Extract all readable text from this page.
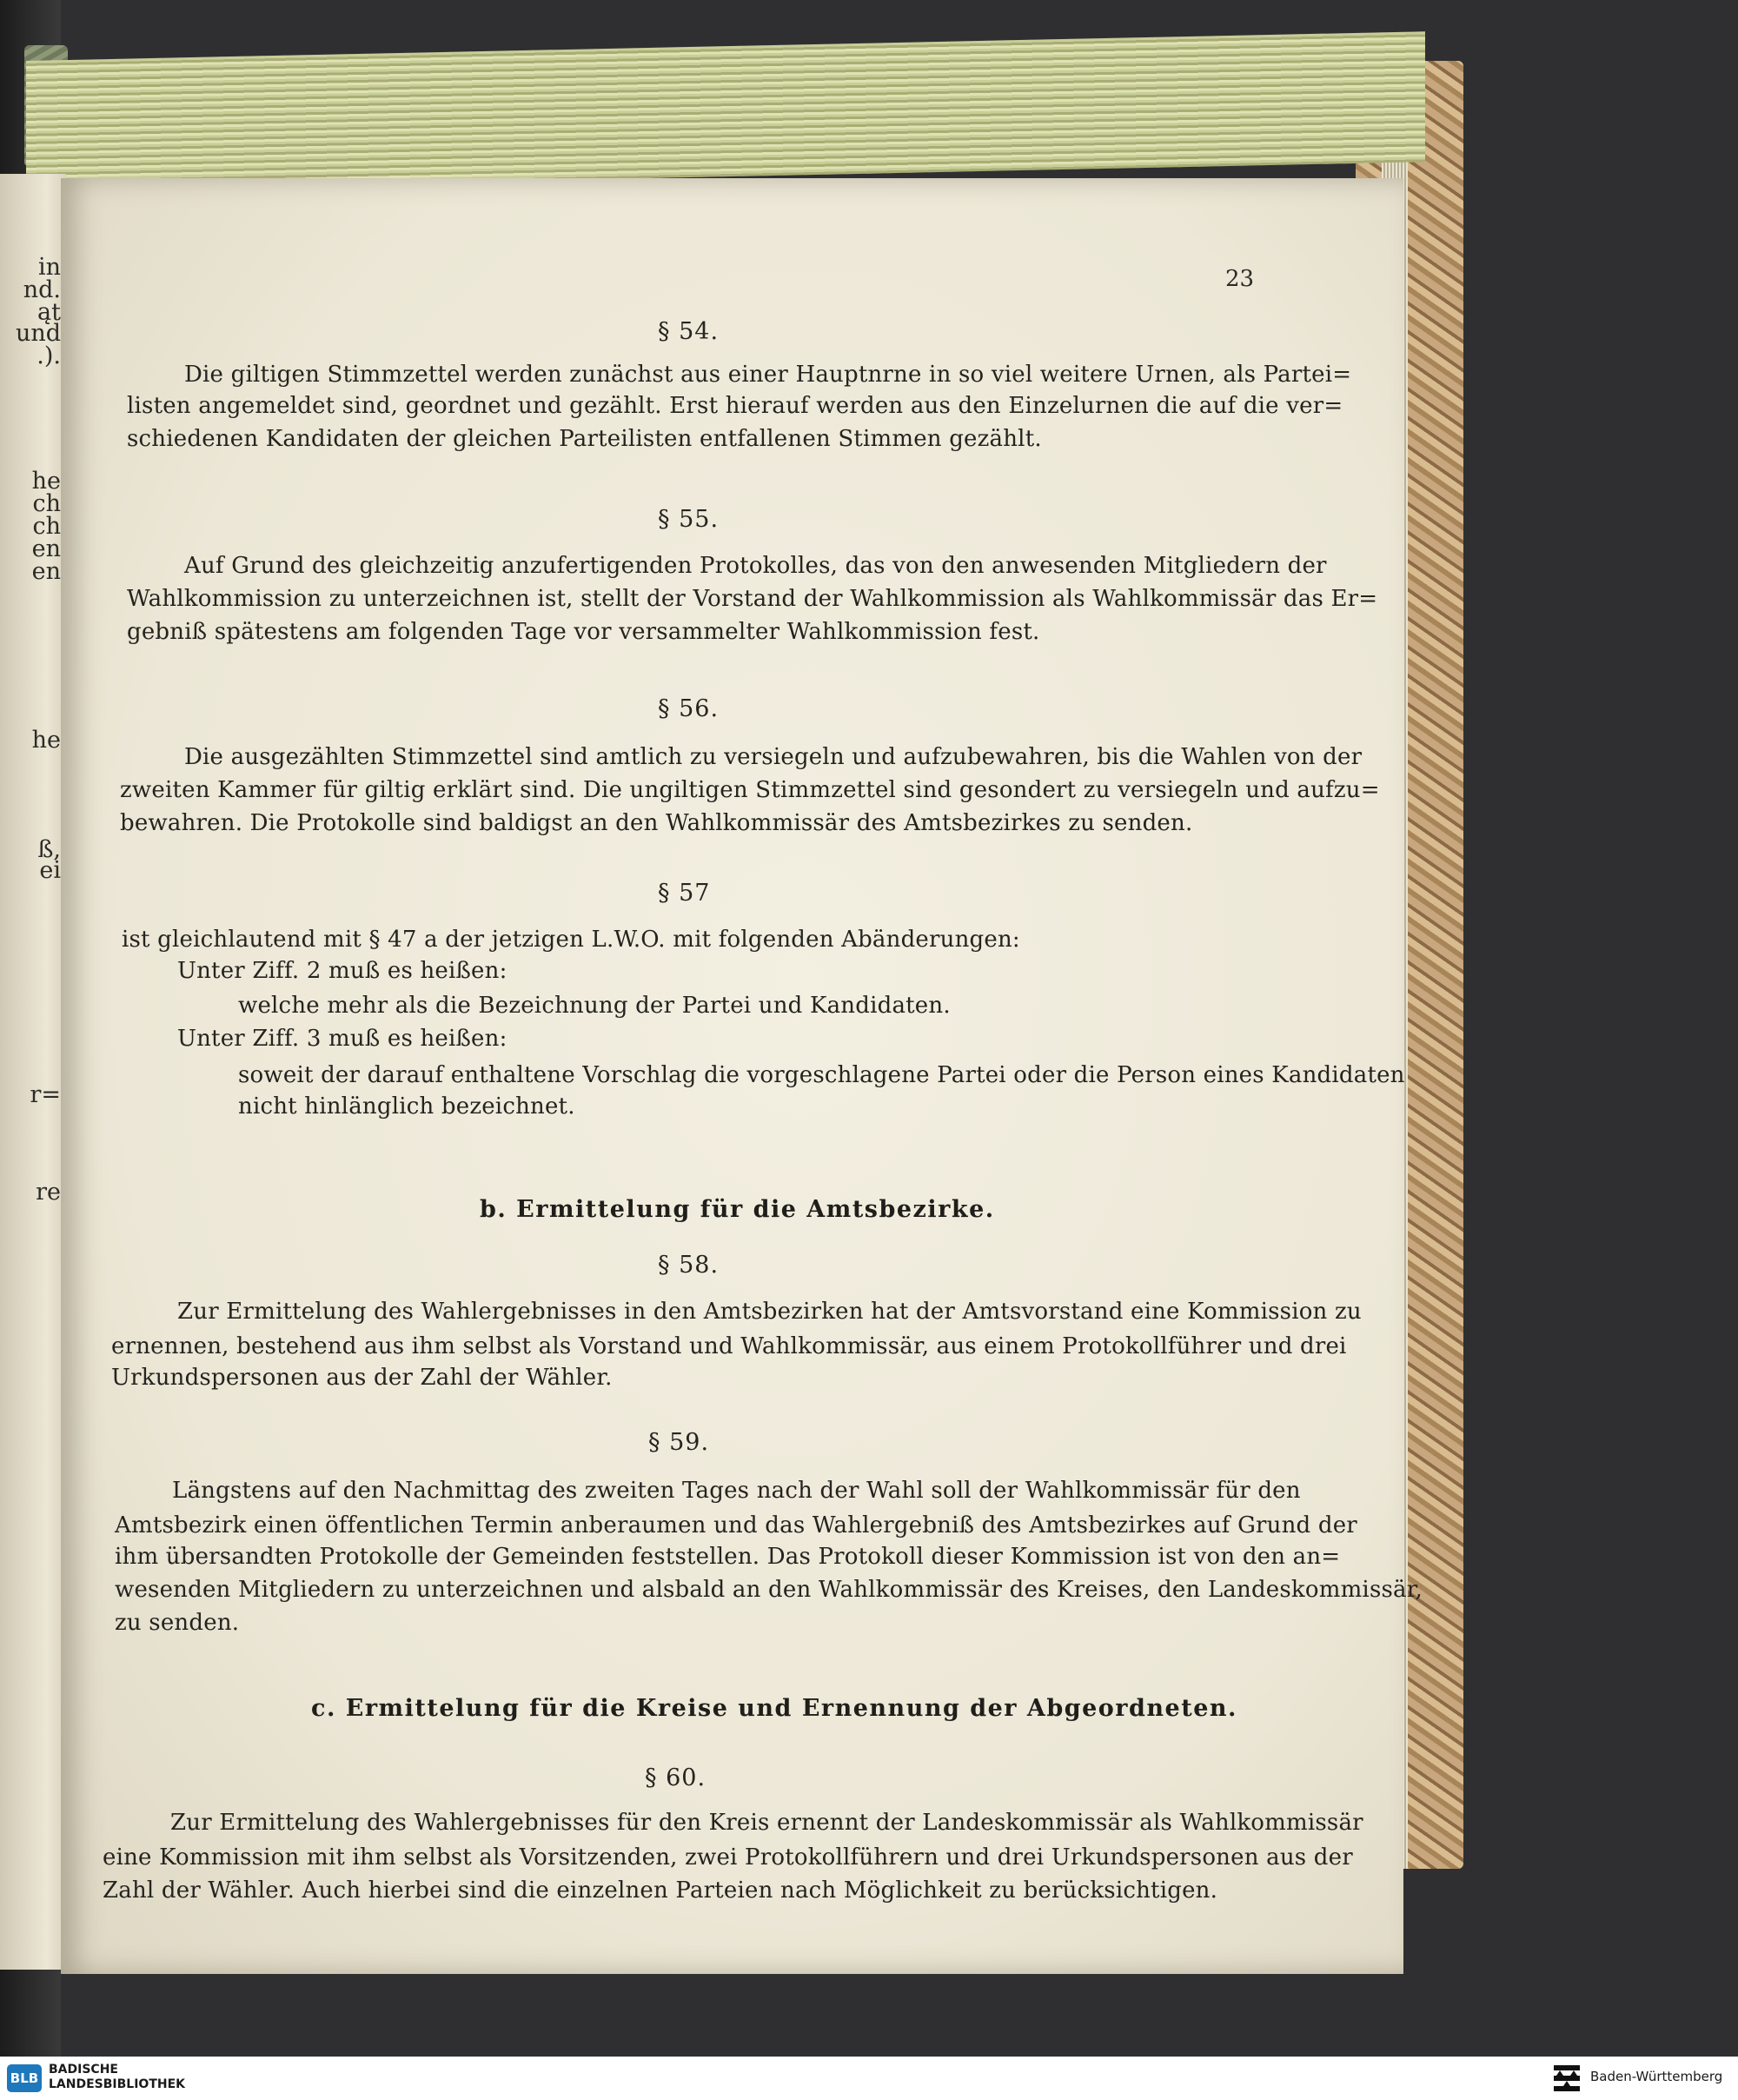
in
nd.
ąt
und
.).
he
ch
ch
en
en
he
ß,
ei
r=
re
23
§ 54.
Die giltigen Stimmzettel werden zunächst aus einer Hauptnrne in so viel weitere Urnen, als Partei=
listen angemeldet sind, geordnet und gezählt. Erst hierauf werden aus den Einzelurnen die auf die ver=
schiedenen Kandidaten der gleichen Parteilisten entfallenen Stimmen gezählt.
§ 55.
Auf Grund des gleichzeitig anzufertigenden Protokolles, das von den anwesenden Mitgliedern der
Wahlkommission zu unterzeichnen ist, stellt der Vorstand der Wahlkommission als Wahlkommissär das Er=
gebniß spätestens am folgenden Tage vor versammelter Wahlkommission fest.
§ 56.
Die ausgezählten Stimmzettel sind amtlich zu versiegeln und aufzubewahren, bis die Wahlen von der
zweiten Kammer für giltig erklärt sind. Die ungiltigen Stimmzettel sind gesondert zu versiegeln und aufzu=
bewahren. Die Protokolle sind baldigst an den Wahlkommissär des Amtsbezirkes zu senden.
§ 57
ist gleichlautend mit § 47 a der jetzigen L.W.O. mit folgenden Abänderungen:
Unter Ziff. 2 muß es heißen:
welche mehr als die Bezeichnung der Partei und Kandidaten.
Unter Ziff. 3 muß es heißen:
soweit der darauf enthaltene Vorschlag die vorgeschlagene Partei oder die Person eines Kandidaten
nicht hinlänglich bezeichnet.
b. Ermittelung für die Amtsbezirke.
§ 58.
Zur Ermittelung des Wahlergebnisses in den Amtsbezirken hat der Amtsvorstand eine Kommission zu
ernennen, bestehend aus ihm selbst als Vorstand und Wahlkommissär, aus einem Protokollführer und drei
Urkundspersonen aus der Zahl der Wähler.
§ 59.
Längstens auf den Nachmittag des zweiten Tages nach der Wahl soll der Wahlkommissär für den
Amtsbezirk einen öffentlichen Termin anberaumen und das Wahlergebniß des Amtsbezirkes auf Grund der
ihm übersandten Protokolle der Gemeinden feststellen. Das Protokoll dieser Kommission ist von den an=
wesenden Mitgliedern zu unterzeichnen und alsbald an den Wahlkommissär des Kreises, den Landeskommissär,
zu senden.
c. Ermittelung für die Kreise und Ernennung der Abgeordneten.
§ 60.
Zur Ermittelung des Wahlergebnisses für den Kreis ernennt der Landeskommissär als Wahlkommissär
eine Kommission mit ihm selbst als Vorsitzenden, zwei Protokollführern und drei Urkundspersonen aus der
Zahl der Wähler. Auch hierbei sind die einzelnen Parteien nach Möglichkeit zu berücksichtigen.
BLB
BADISCHE
LANDESBIBLIOTHEK	Baden-Württemberg
